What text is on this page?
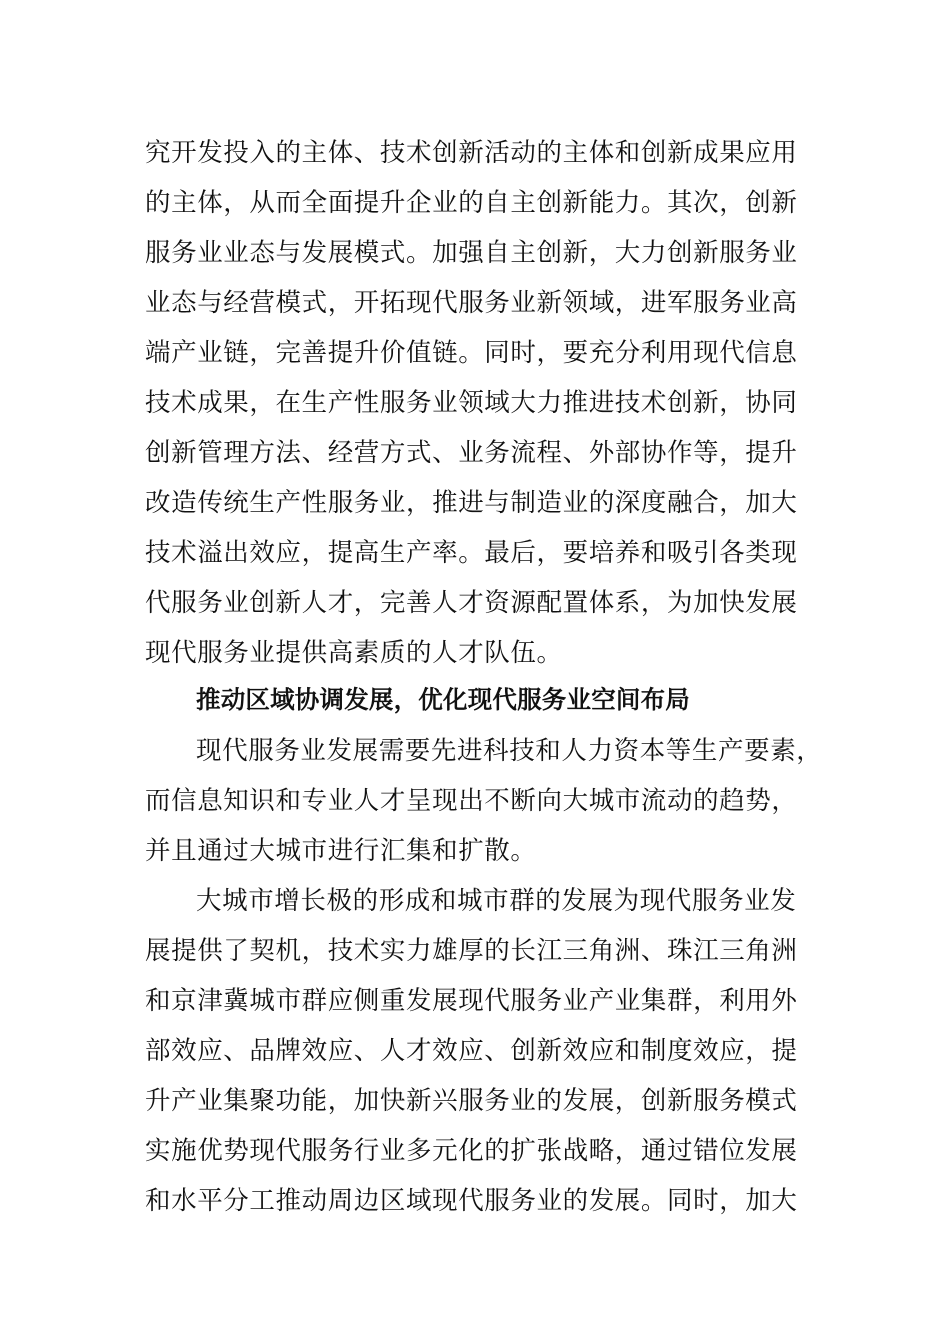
究开发投入的主体、技术创新活动的主体和创新成果应用
的主体，从而全面提升企业的自主创新能力。其次，创新
服务业业态与发展模式。加强自主创新，大力创新服务业
业态与经营模式，开拓现代服务业新领域，进军服务业高
端产业链，完善提升价值链。同时，要充分利用现代信息
技术成果，在生产性服务业领域大力推进技术创新，协同
创新管理方法、经营方式、业务流程、外部协作等，提升
改造传统生产性服务业，推进与制造业的深度融合，加大
技术溢出效应，提高生产率。最后，要培养和吸引各类现
代服务业创新人才，完善人才资源配置体系，为加快发展
现代服务业提供高素质的人才队伍。
推动区域协调发展，优化现代服务业空间布局
现代服务业发展需要先进科技和人力资本等生产要素，
而信息知识和专业人才呈现出不断向大城市流动的趋势，
并且通过大城市进行汇集和扩散。
大城市增长极的形成和城市群的发展为现代服务业发
展提供了契机，技术实力雄厚的长江三角洲、珠江三角洲
和京津冀城市群应侧重发展现代服务业产业集群，利用外
部效应、品牌效应、人才效应、创新效应和制度效应，提
升产业集聚功能，加快新兴服务业的发展，创新服务模式
实施优势现代服务行业多元化的扩张战略，通过错位发展
和水平分工推动周边区域现代服务业的发展。同时，加大
